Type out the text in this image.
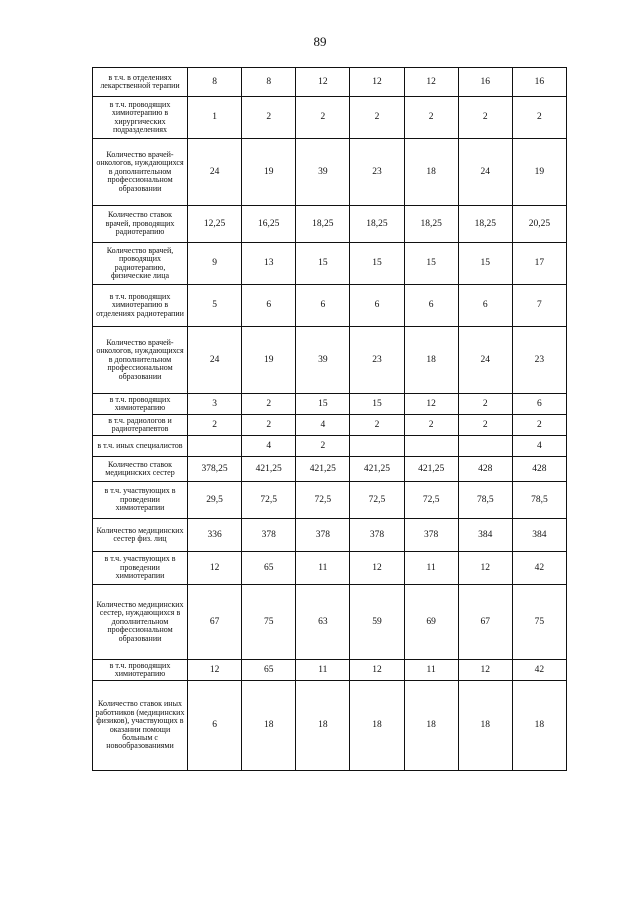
89
в т.ч. в отделениях лекарственной терапии	8	8	12	12	12	16	16
в т.ч. проводящих химиотерапию в хирургических подразделениях	1	2	2	2	2	2	2
Количество врачей-онкологов, нуждающихся в дополнительном профессиональном образовании	24	19	39	23	18	24	19
Количество ставок врачей, проводящих радиотерапию	12,25	16,25	18,25	18,25	18,25	18,25	20,25
Количество врачей, проводящих радиотерапию, физические лица	9	13	15	15	15	15	17
в т.ч. проводящих химиотерапию в отделениях радиотерапии	5	6	6	6	6	6	7
Количество врачей-онкологов, нуждающихся в дополнительном профессиональном образовании	24	19	39	23	18	24	23
в т.ч. проводящих химиотерапию	3	2	15	15	12	2	6
в т.ч. радиологов и радиотерапевтов	2	2	4	2	2	2	2
в т.ч. иных специалистов		4	2				4
Количество ставок медицинских сестер	378,25	421,25	421,25	421,25	421,25	428	428
в т.ч. участвующих в проведении химиотерапии	29,5	72,5	72,5	72,5	72,5	78,5	78,5
Количество медицинских сестер физ. лиц	336	378	378	378	378	384	384
в т.ч. участвующих в проведении химиотерапии	12	65	11	12	11	12	42
Количество медицинских сестер, нуждающихся в дополнительном профессиональном образовании	67	75	63	59	69	67	75
в т.ч. проводящих химиотерапию	12	65	11	12	11	12	42
Количество ставок иных работников (медицинских физиков), участвующих в оказании помощи больным с новообразованиями	6	18	18	18	18	18	18
